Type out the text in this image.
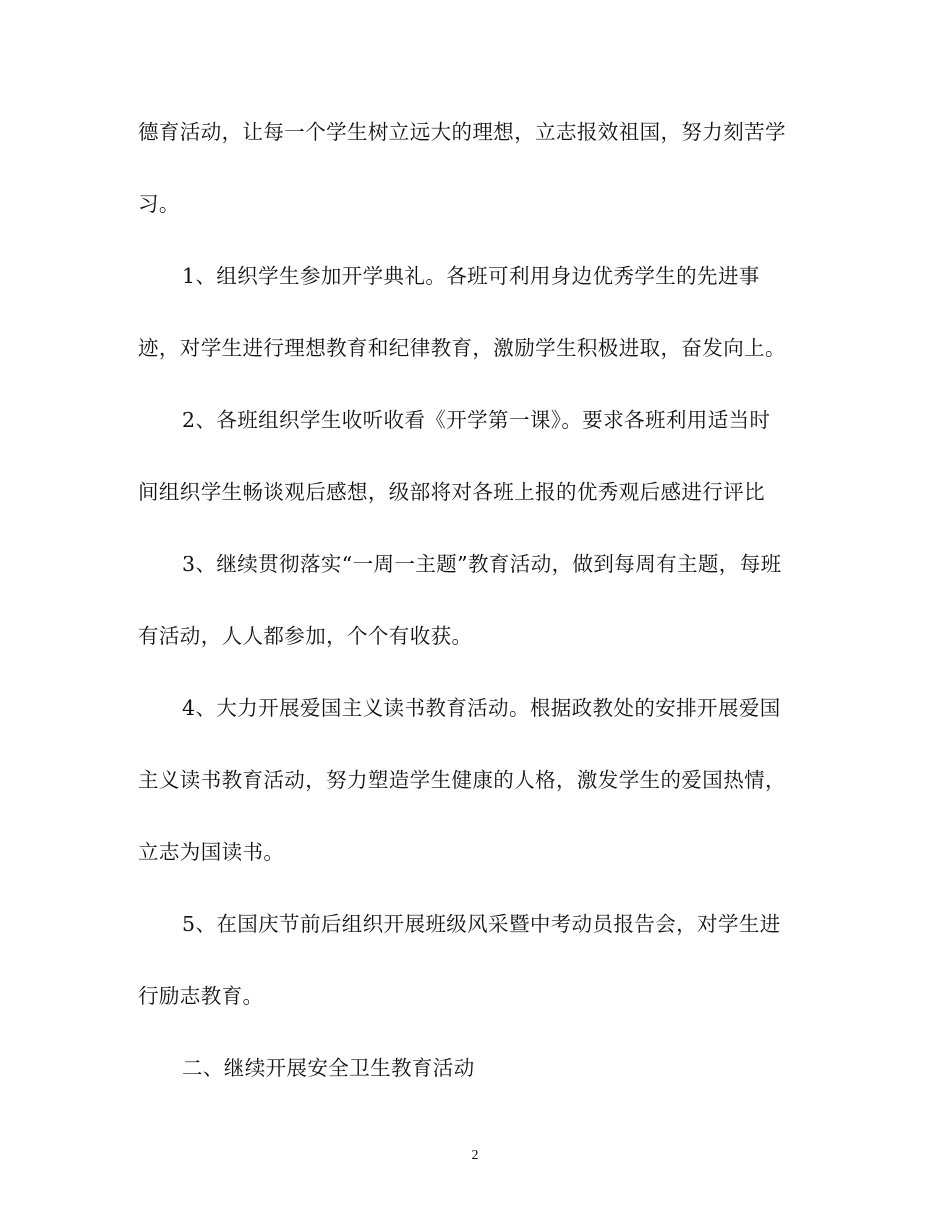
德育活动，让每一个学生树立远大的理想，立志报效祖国，努力刻苦学

习。

1、组织学生参加开学典礼。各班可利用身边优秀学生的先进事

迹，对学生进行理想教育和纪律教育，激励学生积极进取，奋发向上。

2、各班组织学生收听收看《开学第一课》。要求各班利用适当时

间组织学生畅谈观后感想，级部将对各班上报的优秀观后感进行评比

3、继续贯彻落实“一周一主题”教育活动，做到每周有主题，每班

有活动，人人都参加，个个有收获。

4、大力开展爱国主义读书教育活动。根据政教处的安排开展爱国

主义读书教育活动，努力塑造学生健康的人格，激发学生的爱国热情，

立志为国读书。

5、在国庆节前后组织开展班级风采暨中考动员报告会，对学生进

行励志教育。

二、继续开展安全卫生教育活动

2
